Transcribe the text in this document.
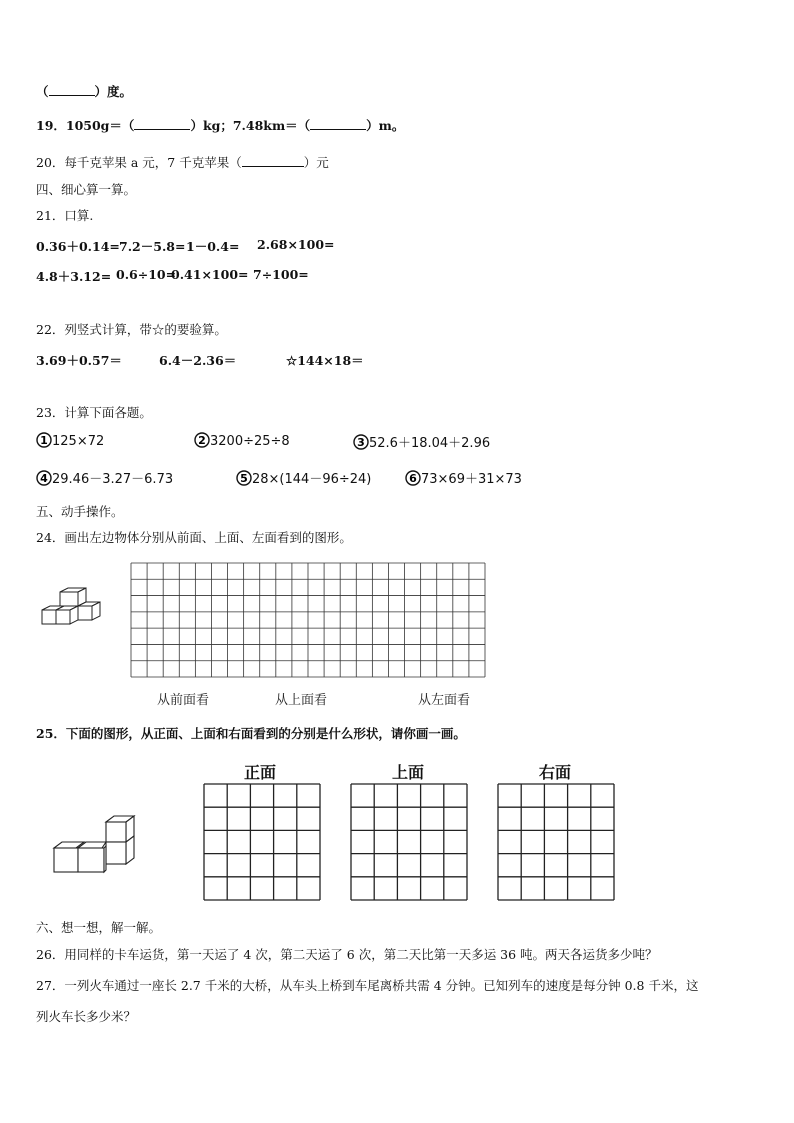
（	）度。
19．1050g＝（	）kg；7.48km＝（	）m。
20．每千克苹果 a 元，7 千克苹果（	）元
四、细心算一算。
21．口算.
0.36＋0.14= 7.2－5.8= 1－0.4= 2.68×100=
4.8＋3.12= 0.6÷10=
0.41×100= 7÷100=
22．列竖式计算，带☆的要验算。
3.69＋0.57＝	6.4－2.36＝	☆144×18＝
23．计算下面各题。
1 125×72	2 3200÷25÷8	3 52.6＋18.04＋2.96
4 29.46－3.27－6.73	5 28×(144－96÷24)	6 73×69＋31×73
五、动手操作。
24．画出左边物体分别从前面、上面、左面看到的图形。
从前面看	从上面看	从左面看
25．下面的图形，从正面、上面和右面看到的分别是什么形状，请你画一画。
正面	上面	右面
六、想一想，解一解。
26．用同样的卡车运货，第一天运了 4 次，第二天运了 6 次，第二天比第一天多运 36 吨。两天各运货多少吨？
27．一列火车通过一座长 2.7 千米的大桥，从车头上桥到车尾离桥共需 4 分钟。已知列车的速度是每分钟 0.8 千米，这
列火车长多少米？
